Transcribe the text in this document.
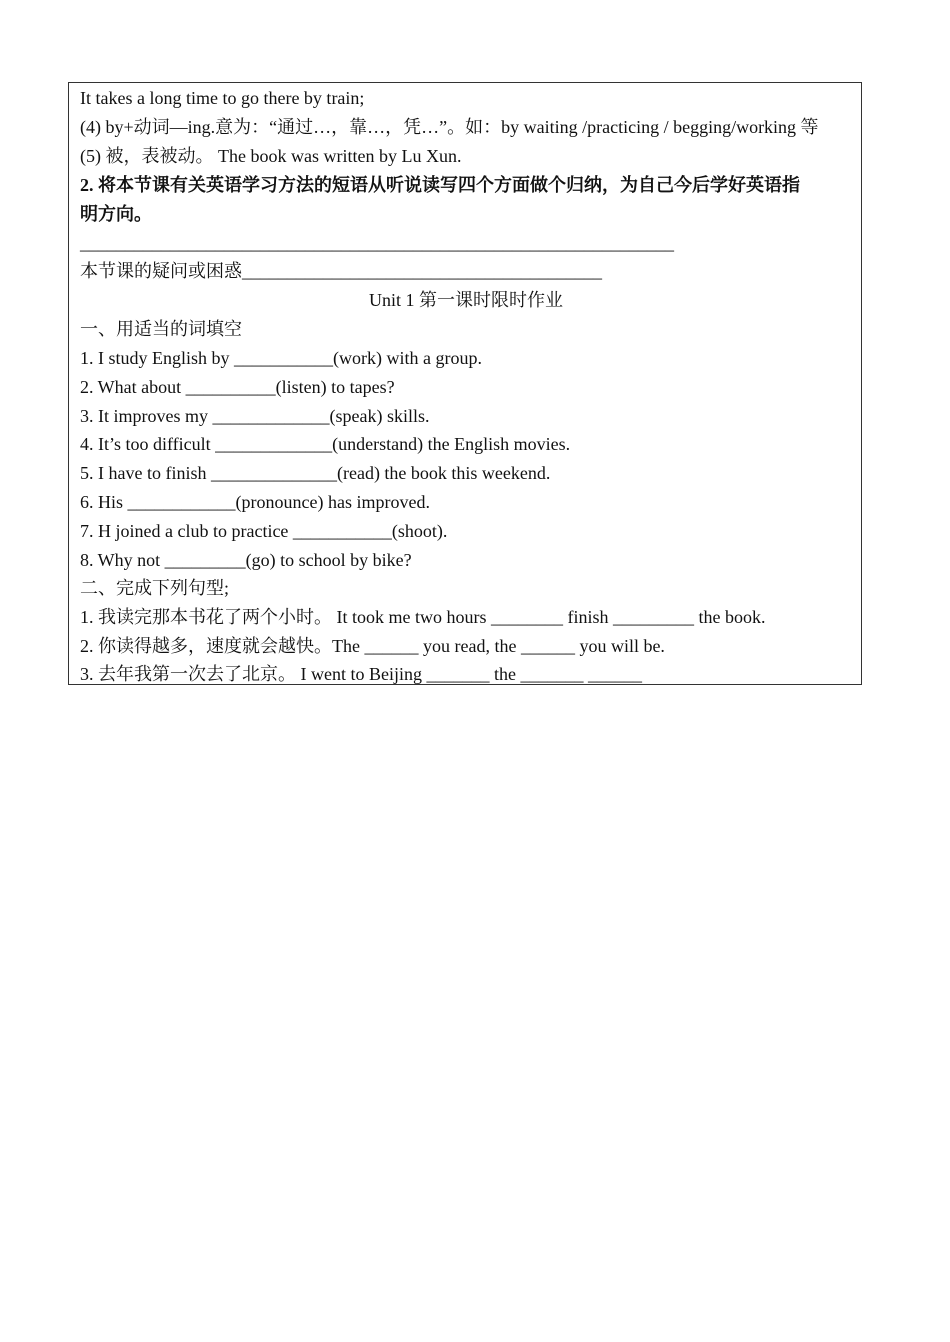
It takes a long time to go there by train;
(4) by+动词—ing.意为：“通过…，靠…，凭…”。如：by waiting /practicing / begging/working 等
(5) 被，表被动。 The book was written by Lu Xun.
2. 将本节课有关英语学习方法的短语从听说读写四个方面做个归纳，为自己今后学好英语指
明方向。
__________________________________________________________________
本节课的疑问或困惑________________________________________
Unit 1 第一课时限时作业
一、用适当的词填空
1. I study English by ___________(work) with a group.
2. What about __________(listen) to tapes?
3. It improves my _____________(speak) skills.
4. It’s too difficult _____________(understand) the English movies.
5. I have to finish ______________(read) the book this weekend.
6. His ____________(pronounce) has improved.
7. H joined a club to practice ___________(shoot).
8. Why not _________(go) to school by bike?
二、完成下列句型;
1. 我读完那本书花了两个小时。 It took me two hours ________ finish _________ the book.
2. 你读得越多，速度就会越快。The ______ you read, the ______ you will be.
3. 去年我第一次去了北京。 I went to Beijing _______ the _______ ______
